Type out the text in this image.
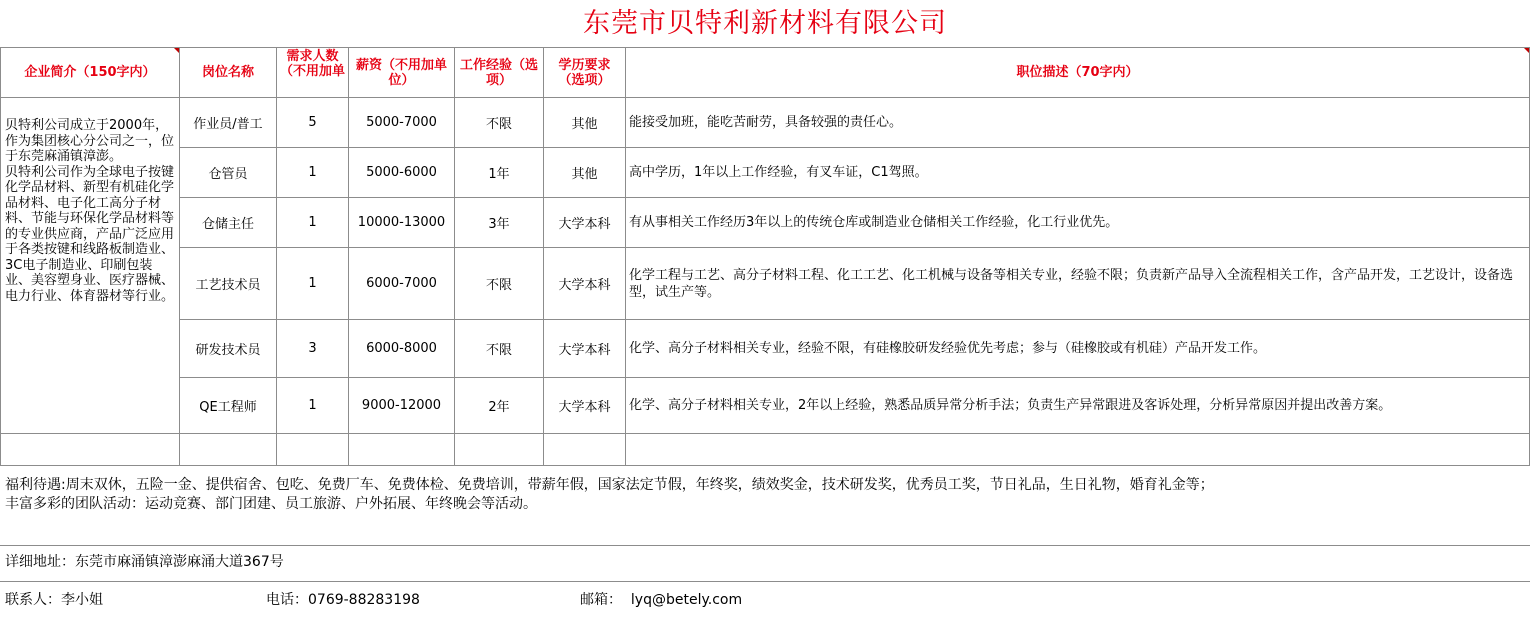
东莞市贝特利新材料有限公司
企业简介（150字内）	岗位名称	需求人数（不用加单	薪资（不用加单位）	工作经验（选项）	学历要求（选项）	职位描述（70字内）

贝特利公司成立于2000年，作为集团核心分公司之一，位于东莞麻涌镇漳澎。
贝特利公司作为全球电子按键化学品材料、新型有机硅化学品材料、电子化工高分子材料、节能与环保化学品材料等的专业供应商，产品广泛应用于各类按键和线路板制造业、3C电子制造业、印刷包装业、美容塑身业、医疗器械、电力行业、体育器材等行业。	作业员/普工	5	5000-7000	不限	其他	能接受加班，能吃苦耐劳，具备较强的责任心。
	仓管员	1	5000-6000	1年	其他	高中学历，1年以上工作经验，有叉车证，C1驾照。
	仓储主任	1	10000-13000	3年	大学本科	有从事相关工作经历3年以上的传统仓库或制造业仓储相关工作经验，化工行业优先。
	工艺技术员	1	6000-7000	不限	大学本科	化学工程与工艺、高分子材料工程、化工工艺、化工机械与设备等相关专业，经验不限；负责新产品导入全流程相关工作，含产品开发，工艺设计，设备选型，试生产等。
	研发技术员	3	6000-8000	不限	大学本科	化学、高分子材料相关专业，经验不限，有硅橡胶研发经验优先考虑；参与（硅橡胶或有机硅）产品开发工作。
	QE工程师	1	9000-12000	2年	大学本科	化学、高分子材料相关专业，2年以上经验，熟悉品质异常分析手法；负责生产异常跟进及客诉处理，分析异常原因并提出改善方案。

福利待遇:周末双休，五险一金、提供宿舍、包吃、免费厂车、免费体检、免费培训，带薪年假，国家法定节假，年终奖，绩效奖金，技术研发奖，优秀员工奖，节日礼品，生日礼物，婚育礼金等；
丰富多彩的团队活动：运动竞赛、部门团建、员工旅游、户外拓展、年终晚会等活动。
详细地址：东莞市麻涌镇漳澎麻涌大道367号
联系人：李小姐	电话：0769-88283198	邮箱：  lyq@betely.com
